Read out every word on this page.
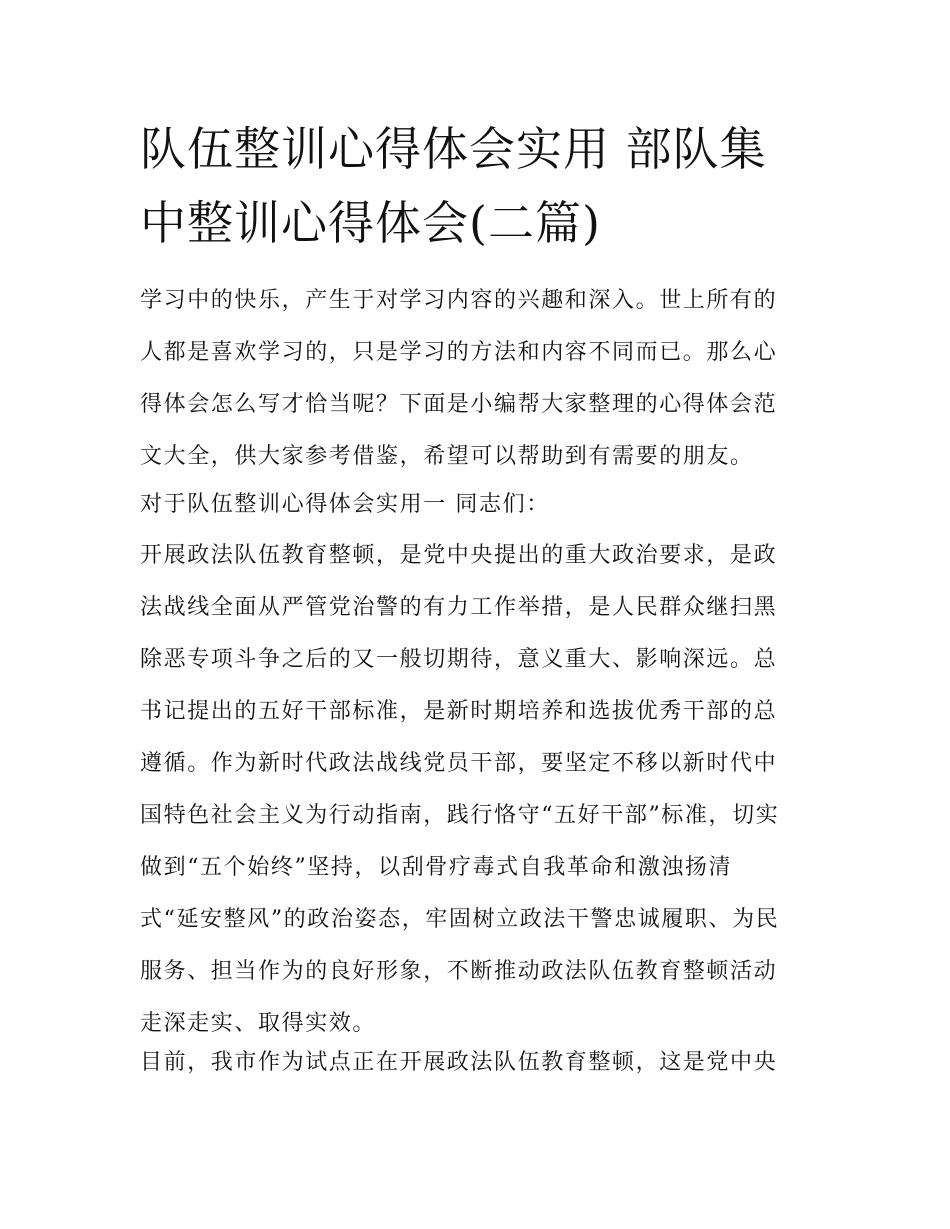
队伍整训心得体会实用 部队集
中整训心得体会(二篇)

学习中的快乐，产生于对学习内容的兴趣和深入。世上所有的
人都是喜欢学习的，只是学习的方法和内容不同而已。那么心
得体会怎么写才恰当呢？下面是小编帮大家整理的心得体会范
文大全，供大家参考借鉴，希望可以帮助到有需要的朋友。

对于队伍整训心得体会实用一 同志们：

开展政法队伍教育整顿，是党中央提出的重大政治要求，是政
法战线全面从严管党治警的有力工作举措，是人民群众继扫黑
除恶专项斗争之后的又一般切期待，意义重大、影响深远。总
书记提出的五好干部标准，是新时期培养和选拔优秀干部的总
遵循。作为新时代政法战线党员干部，要坚定不移以新时代中
国特色社会主义为行动指南，践行恪守“五好干部”标准，切实
做到“五个始终”坚持，以刮骨疗毒式自我革命和激浊扬清
式“延安整风”的政治姿态，牢固树立政法干警忠诚履职、为民
服务、担当作为的良好形象，不断推动政法队伍教育整顿活动
走深走实、取得实效。

目前，我市作为试点正在开展政法队伍教育整顿，这是党中央
